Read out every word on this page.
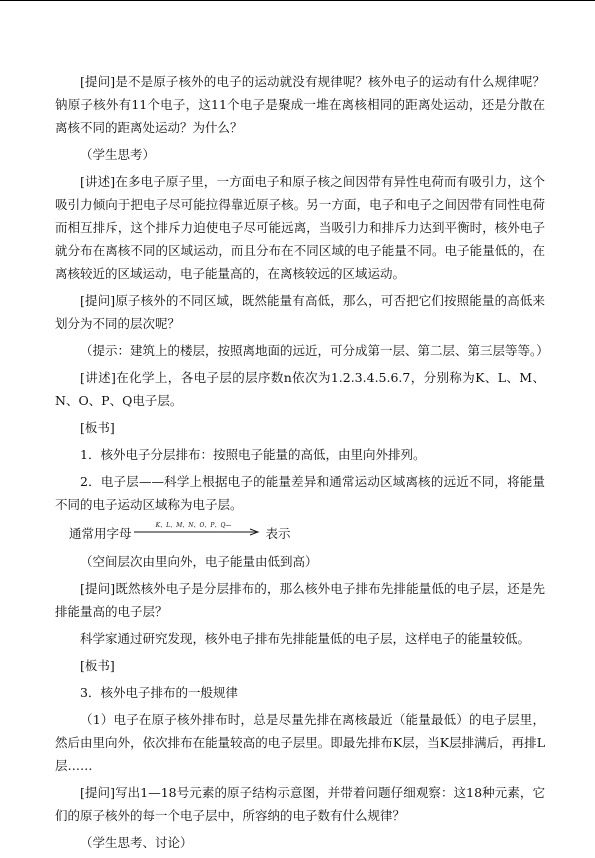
[提问]是不是原子核外的电子的运动就没有规律呢？核外电子的运动有什么规律呢？钠原子核外有11个电子，这11个电子是聚成一堆在离核相同的距离处运动，还是分散在离核不同的距离处运动？为什么？

（学生思考）

[讲述]在多电子原子里，一方面电子和原子核之间因带有异性电荷而有吸引力，这个吸引力倾向于把电子尽可能拉得靠近原子核。另一方面，电子和电子之间因带有同性电荷而相互排斥，这个排斥力迫使电子尽可能远离，当吸引力和排斥力达到平衡时，核外电子就分布在离核不同的区域运动，而且分布在不同区域的电子能量不同。电子能量低的，在离核较近的区域运动，电子能量高的，在离核较远的区域运动。

[提问]原子核外的不同区域，既然能量有高低，那么，可否把它们按照能量的高低来划分为不同的层次呢？

（提示：建筑上的楼层，按照离地面的远近，可分成第一层、第二层、第三层等等。）

[讲述]在化学上，各电子层的层序数n依次为1.2.3.4.5.6.7，分别称为K、L、M、N、O、P、Q电子层。

[板书]

1．核外电子分层排布：按照电子能量的高低，由里向外排列。

2．电子层——科学上根据电子的能量差异和通常运动区域离核的远近不同，将能量不同的电子运动区域称为电子层。

通常用字母
K、L、M、N、O、P、Q—
表示

（空间层次由里向外，电子能量由低到高）

[提问]既然核外电子是分层排布的，那么核外电子排布先排能量低的电子层，还是先排能量高的电子层？

科学家通过研究发现，核外电子排布先排能量低的电子层，这样电子的能量较低。

[板书]

3．核外电子排布的一般规律

（1）电子在原子核外排布时，总是尽量先排在离核最近（能量最低）的电子层里，然后由里向外，依次排布在能量较高的电子层里。即最先排布K层，当K层排满后，再排L层……

[提问]写出1—18号元素的原子结构示意图，并带着问题仔细观察：这18种元素，它们的原子核外的每一个电子层中，所容纳的电子数有什么规律？

（学生思考、讨论）
